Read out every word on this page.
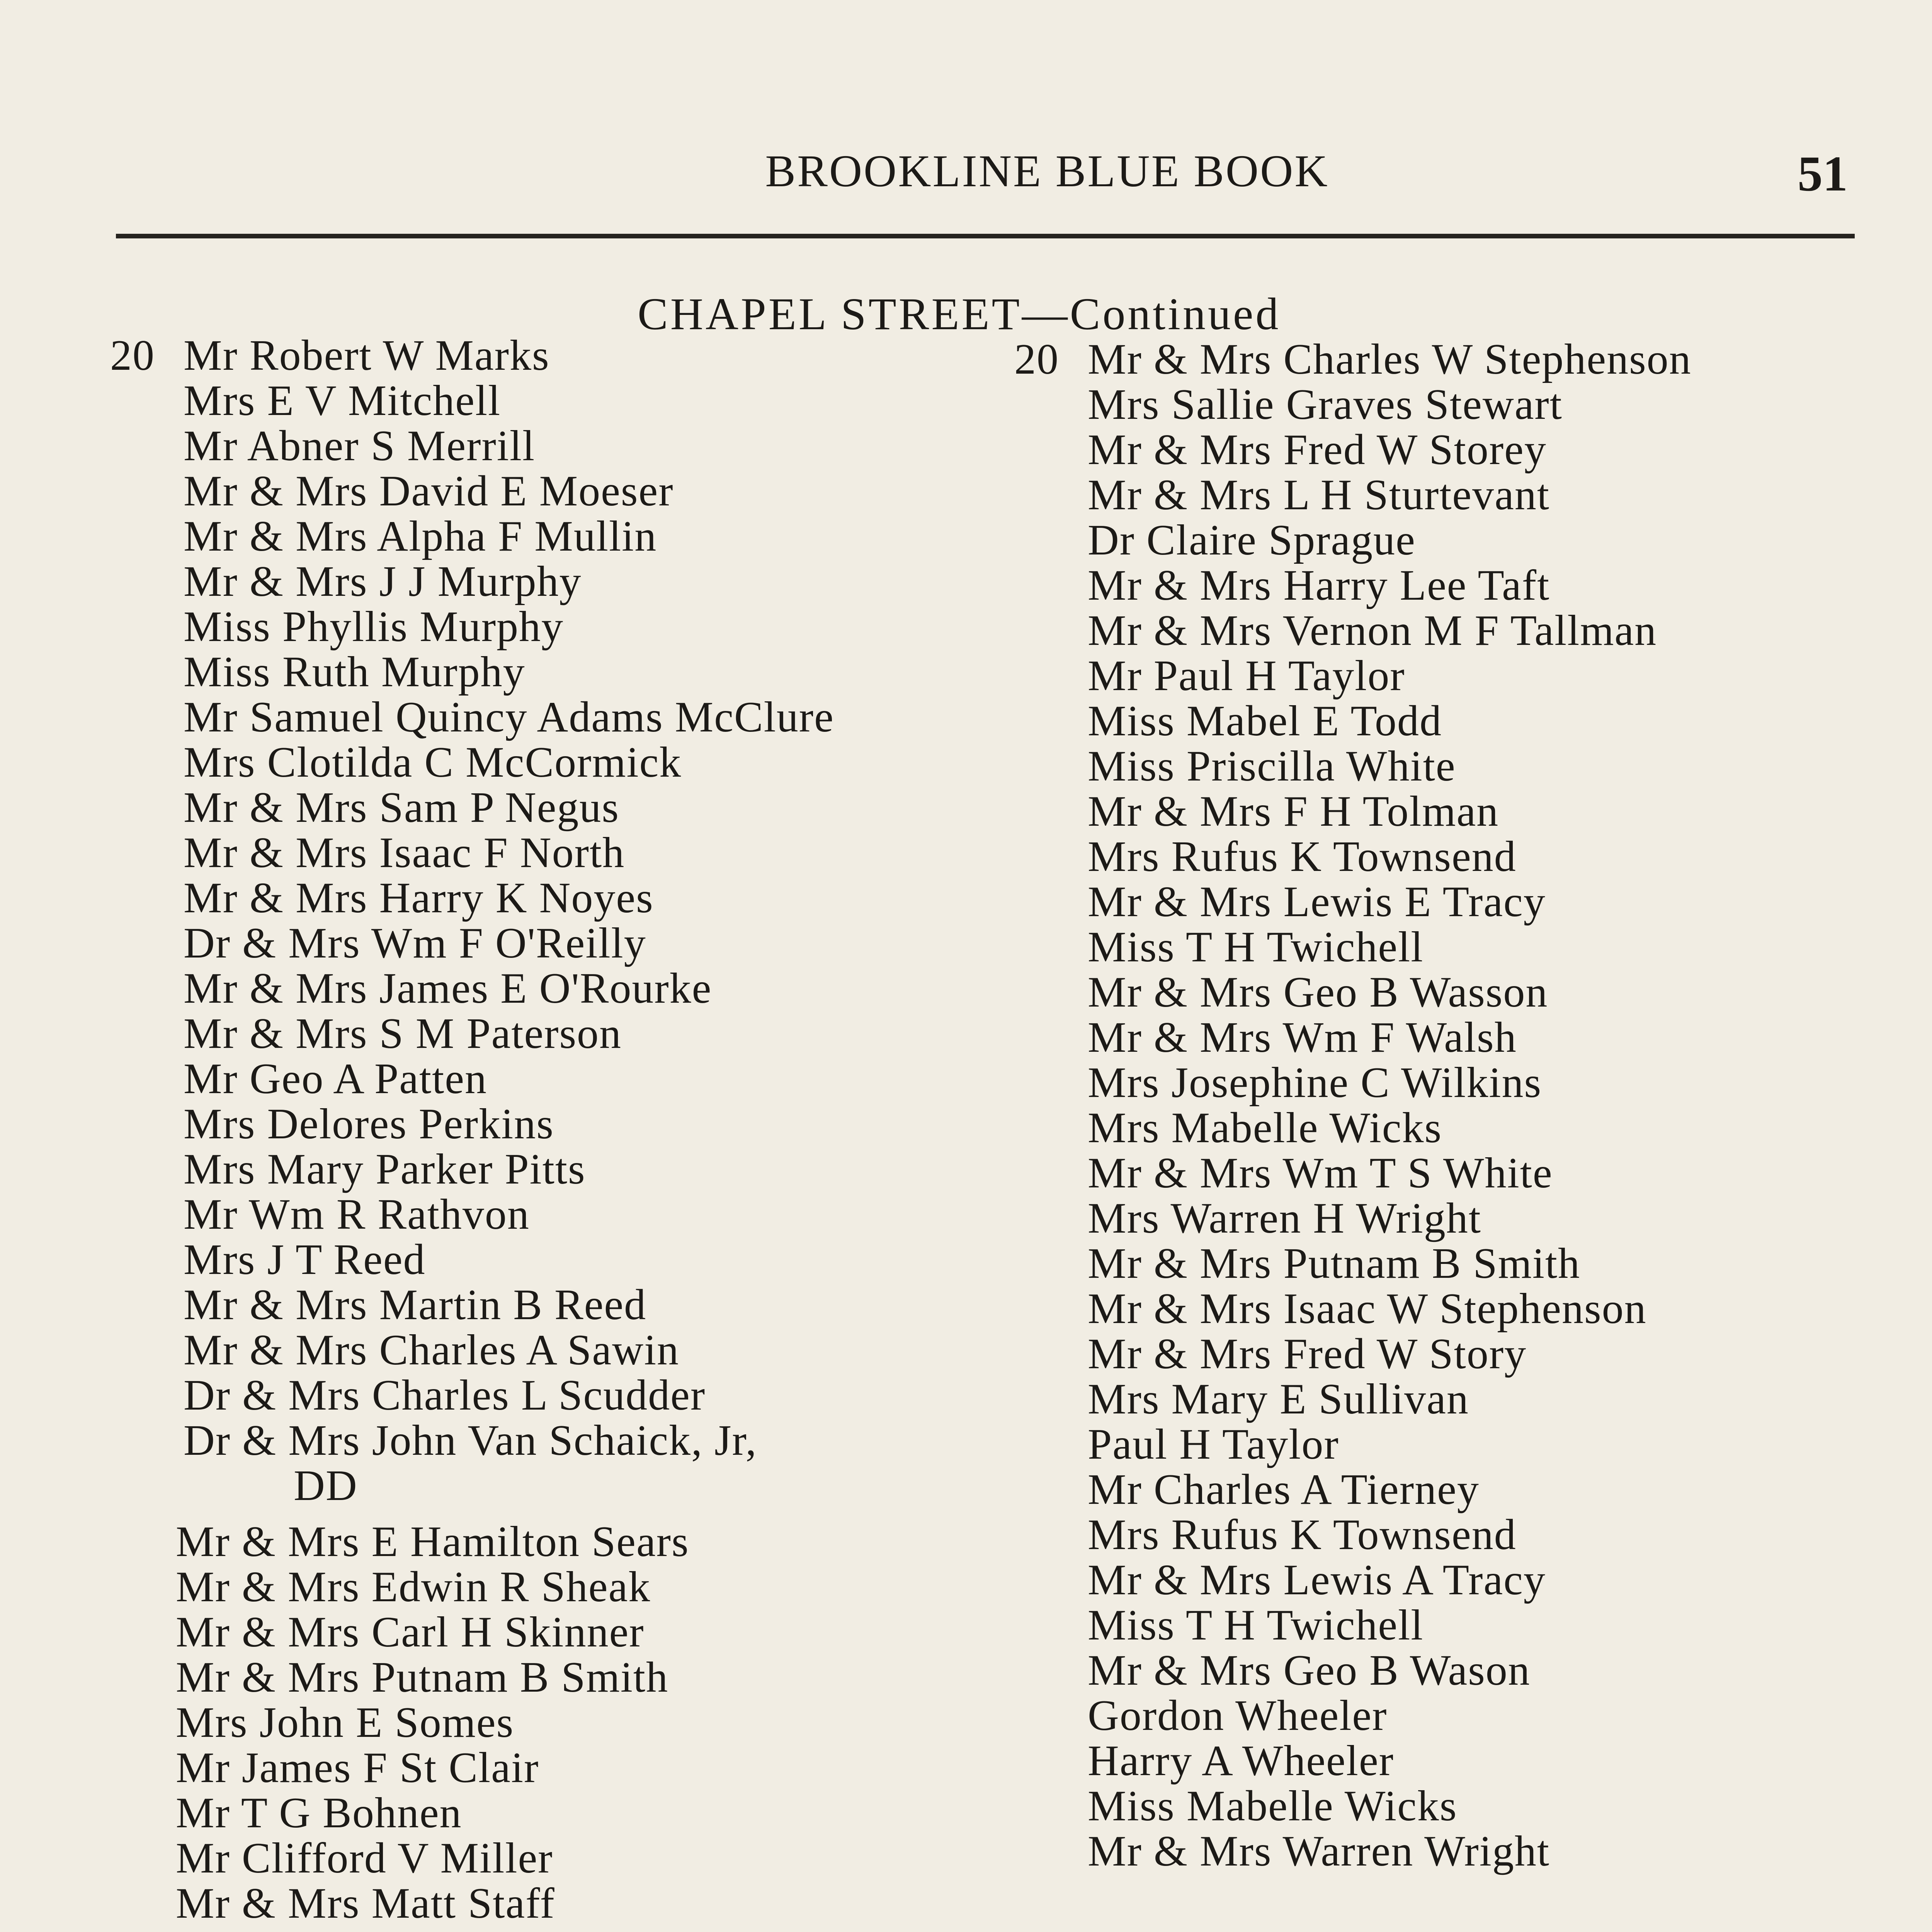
BROOKLINE BLUE BOOK	51
CHAPEL STREET—Continued
20 Mr Robert W Marks
Mrs E V Mitchell
Mr Abner S Merrill
Mr & Mrs David E Moeser
Mr & Mrs Alpha F Mullin
Mr & Mrs J J Murphy
Miss Phyllis Murphy
Miss Ruth Murphy
Mr Samuel Quincy Adams McClure
Mrs Clotilda C McCormick
Mr & Mrs Sam P Negus
Mr & Mrs Isaac F North
Mr & Mrs Harry K Noyes
Dr & Mrs Wm F O'Reilly
Mr & Mrs James E O'Rourke
Mr & Mrs S M Paterson
Mr Geo A Patten
Mrs Delores Perkins
Mrs Mary Parker Pitts
Mr Wm R Rathvon
Mrs J T Reed
Mr & Mrs Martin B Reed
Mr & Mrs Charles A Sawin
Dr & Mrs Charles L Scudder
Dr & Mrs John Van Schaick, Jr,
DD
Mr & Mrs E Hamilton Sears
Mr & Mrs Edwin R Sheak
Mr & Mrs Carl H Skinner
Mr & Mrs Putnam B Smith
Mrs John E Somes
Mr James F St Clair
Mr T G Bohnen
Mr Clifford V Miller
Mr & Mrs Matt Staff
20 Mr & Mrs Charles W Stephenson
Mrs Sallie Graves Stewart
Mr & Mrs Fred W Storey
Mr & Mrs L H Sturtevant
Dr Claire Sprague
Mr & Mrs Harry Lee Taft
Mr & Mrs Vernon M F Tallman
Mr Paul H Taylor
Miss Mabel E Todd
Miss Priscilla White
Mr & Mrs F H Tolman
Mrs Rufus K Townsend
Mr & Mrs Lewis E Tracy
Miss T H Twichell
Mr & Mrs Geo B Wasson
Mr & Mrs Wm F Walsh
Mrs Josephine C Wilkins
Mrs Mabelle Wicks
Mr & Mrs Wm T S White
Mrs Warren H Wright
Mr & Mrs Putnam B Smith
Mr & Mrs Isaac W Stephenson
Mr & Mrs Fred W Story
Mrs Mary E Sullivan
Paul H Taylor
Mr Charles A Tierney
Mrs Rufus K Townsend
Mr & Mrs Lewis A Tracy
Miss T H Twichell
Mr & Mrs Geo B Wason
Gordon Wheeler
Harry A Wheeler
Miss Mabelle Wicks
Mr & Mrs Warren Wright
